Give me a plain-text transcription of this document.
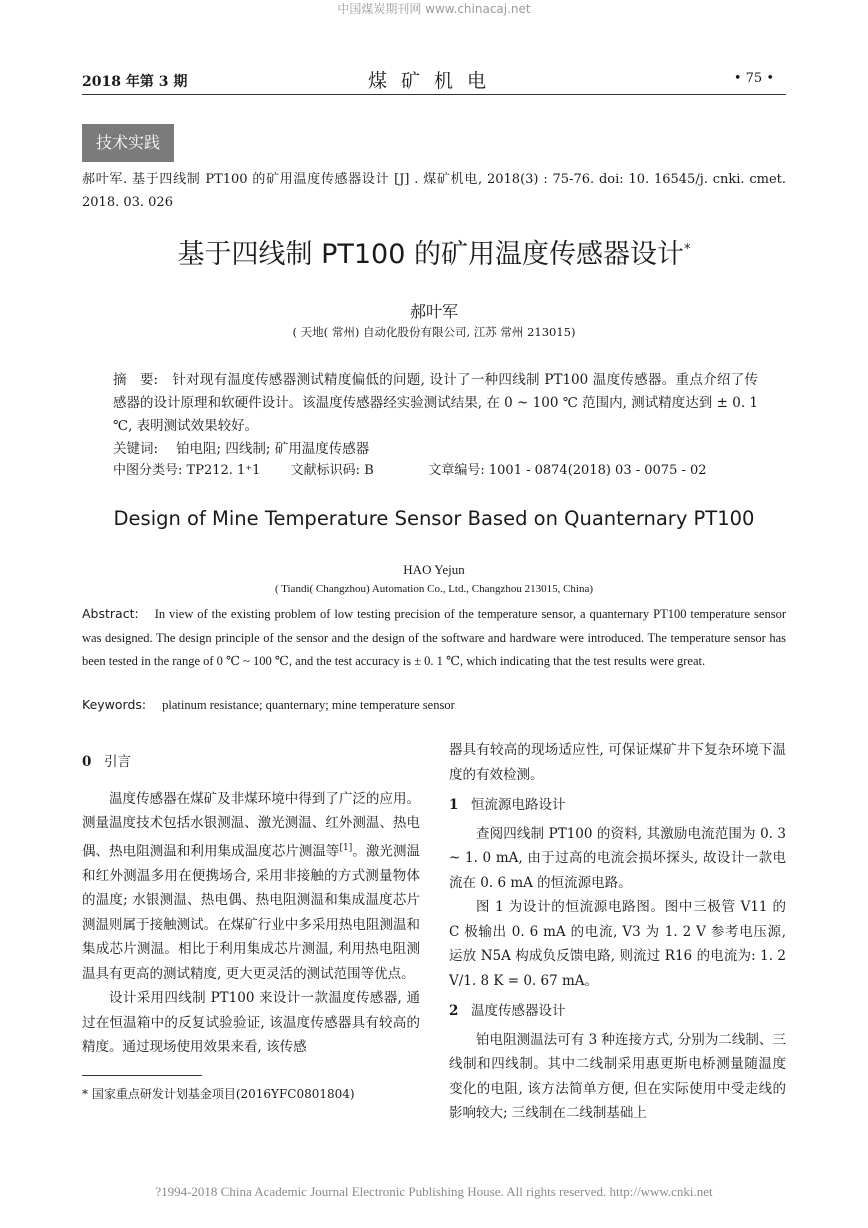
中国煤炭期刊网 www.chinacaj.net
2018 年第 3 期	煤矿机电	• 75 •
技术实践
郝叶军. 基于四线制 PT100 的矿用温度传感器设计 [J] . 煤矿机电, 2018(3) : 75-76. doi: 10. 16545/j. cnki. cmet. 2018. 03. 026
基于四线制 PT100 的矿用温度传感器设计*
郝叶军
( 天地( 常州) 自动化股份有限公司, 江苏 常州 213015)
摘　要: 针对现有温度传感器测试精度偏低的问题, 设计了一种四线制 PT100 温度传感器。重点介绍了传感器的设计原理和软硬件设计。该温度传感器经实验测试结果, 在 0 ~ 100 ℃ 范围内, 测试精度达到 ± 0. 1 ℃, 表明测试效果较好。
关键词: 铂电阻; 四线制; 矿用温度传感器
中图分类号: TP212. 1⁺1 文献标识码: B	文章编号: 1001 - 0874(2018) 03 - 0075 - 02
Design of Mine Temperature Sensor Based on Quanternary PT100
HAO Yejun
( Tiandi( Changzhou) Automation Co., Ltd., Changzhou 213015, China)
Abstract: In view of the existing problem of low testing precision of the temperature sensor, a quanternary PT100 temperature sensor was designed. The design principle of the sensor and the design of the software and hardware were introduced. The temperature sensor has been tested in the range of 0 ℃ ~ 100 ℃, and the test accuracy is ± 0. 1 ℃, which indicating that the test results were great.
Keywords: platinum resistance; quanternary; mine temperature sensor
0 引言

温度传感器在煤矿及非煤环境中得到了广泛的应用。测量温度技术包括水银测温、激光测温、红外测温、热电偶、热电阻测温和利用集成温度芯片测温等[1]。激光测温和红外测温多用在便携场合, 采用非接触的方式测量物体的温度; 水银测温、热电偶、热电阻测温和集成温度芯片测温则属于接触测试。在煤矿行业中多采用热电阻测温和集成芯片测温。相比于利用集成芯片测温, 利用热电阻测温具有更高的测试精度, 更大更灵活的测试范围等优点。

设计采用四线制 PT100 来设计一款温度传感器, 通过在恒温箱中的反复试验验证, 该温度传感器具有较高的精度。通过现场使用效果来看, 该传感

* 国家重点研发计划基金项目(2016YFC0801804)

器具有较高的现场适应性, 可保证煤矿井下复杂环境下温度的有效检测。

1 恒流源电路设计

查阅四线制 PT100 的资料, 其激励电流范围为 0. 3 ~ 1. 0 mA, 由于过高的电流会损坏探头, 故设计一款电流在 0. 6 mA 的恒流源电路。

图 1 为设计的恒流源电路图。图中三极管 V11 的 C 极输出 0. 6 mA 的电流, V3 为 1. 2 V 参考电压源, 运放 N5A 构成负反馈电路, 则流过 R16 的电流为: 1. 2 V/1. 8 K = 0. 67 mA。

2 温度传感器设计

铂电阻测温法可有 3 种连接方式, 分别为二线制、三线制和四线制。其中二线制采用惠更斯电桥测量随温度变化的电阻, 该方法简单方便, 但在实际使用中受走线的影响较大; 三线制在二线制基础上

?1994-2018 China Academic Journal Electronic Publishing House. All rights reserved. http://www.cnki.net
